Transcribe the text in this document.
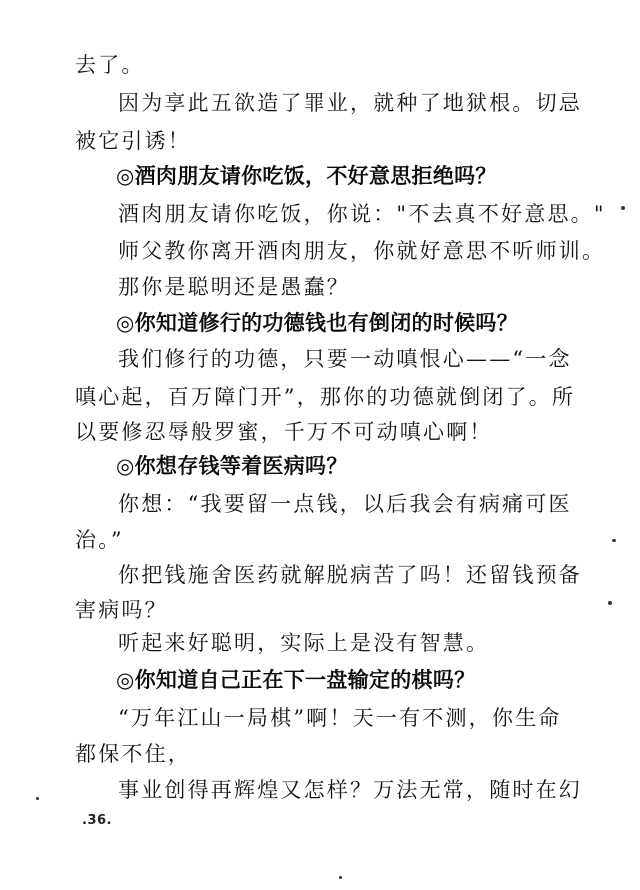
去了。
因为享此五欲造了罪业，就种了地狱根。切忌
被它引诱！
◎酒肉朋友请你吃饭，不好意思拒绝吗？
酒肉朋友请你吃饭，你说："不去真不好意思。"
师父教你离开酒肉朋友，你就好意思不听师训。
那你是聪明还是愚蠢？
◎你知道修行的功德钱也有倒闭的时候吗？
我们修行的功德，只要一动嗔恨心——“一念
嗔心起，百万障门开”，那你的功德就倒闭了。所
以要修忍辱般罗蜜，千万不可动嗔心啊！
◎你想存钱等着医病吗？
你想：“我要留一点钱，以后我会有病痛可医
治。”
你把钱施舍医药就解脱病苦了吗！还留钱预备
害病吗？
听起来好聪明，实际上是没有智慧。
◎你知道自己正在下一盘输定的棋吗？
“万年江山一局棋”啊！天一有不测，你生命
都保不住，
事业创得再辉煌又怎样？万法无常，随时在幻
.36.
